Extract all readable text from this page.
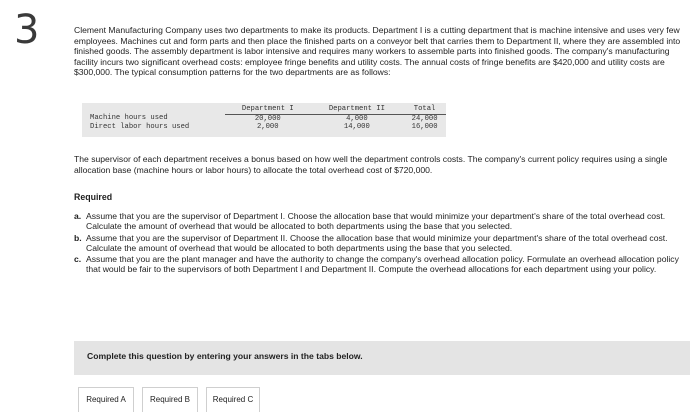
3	Clement Manufacturing Company uses two departments to make its products. Department I is a cutting department that is machine intensive and uses very few employees. Machines cut and form parts and then place the finished parts on a conveyor belt that carries them to Department II, where they are assembled into finished goods. The assembly department is labor intensive and requires many workers to assemble parts into finished goods. The company's manufacturing facility incurs two significant overhead costs: employee fringe benefits and utility costs. The annual costs of fringe benefits are $420,000 and utility costs are $300,000. The typical consumption patterns for the two departments are as follows:

	Department I	Department II	Total
Machine hours used	20,000	4,000	24,000
Direct labor hours used	2,000	14,000	16,000

The supervisor of each department receives a bonus based on how well the department controls costs. The company's current policy requires using a single allocation base (machine hours or labor hours) to allocate the total overhead cost of $720,000.

Required

a. Assume that you are the supervisor of Department I. Choose the allocation base that would minimize your department's share of the total overhead cost. Calculate the amount of overhead that would be allocated to both departments using the base that you selected.
b. Assume that you are the supervisor of Department II. Choose the allocation base that would minimize your department's share of the total overhead cost. Calculate the amount of overhead that would be allocated to both departments using the base that you selected.
c. Assume that you are the plant manager and have the authority to change the company's overhead allocation policy. Formulate an overhead allocation policy that would be fair to the supervisors of both Department I and Department II. Compute the overhead allocations for each department using your policy.
Complete this question by entering your answers in the tabs below.
Required A	Required B	Required C
